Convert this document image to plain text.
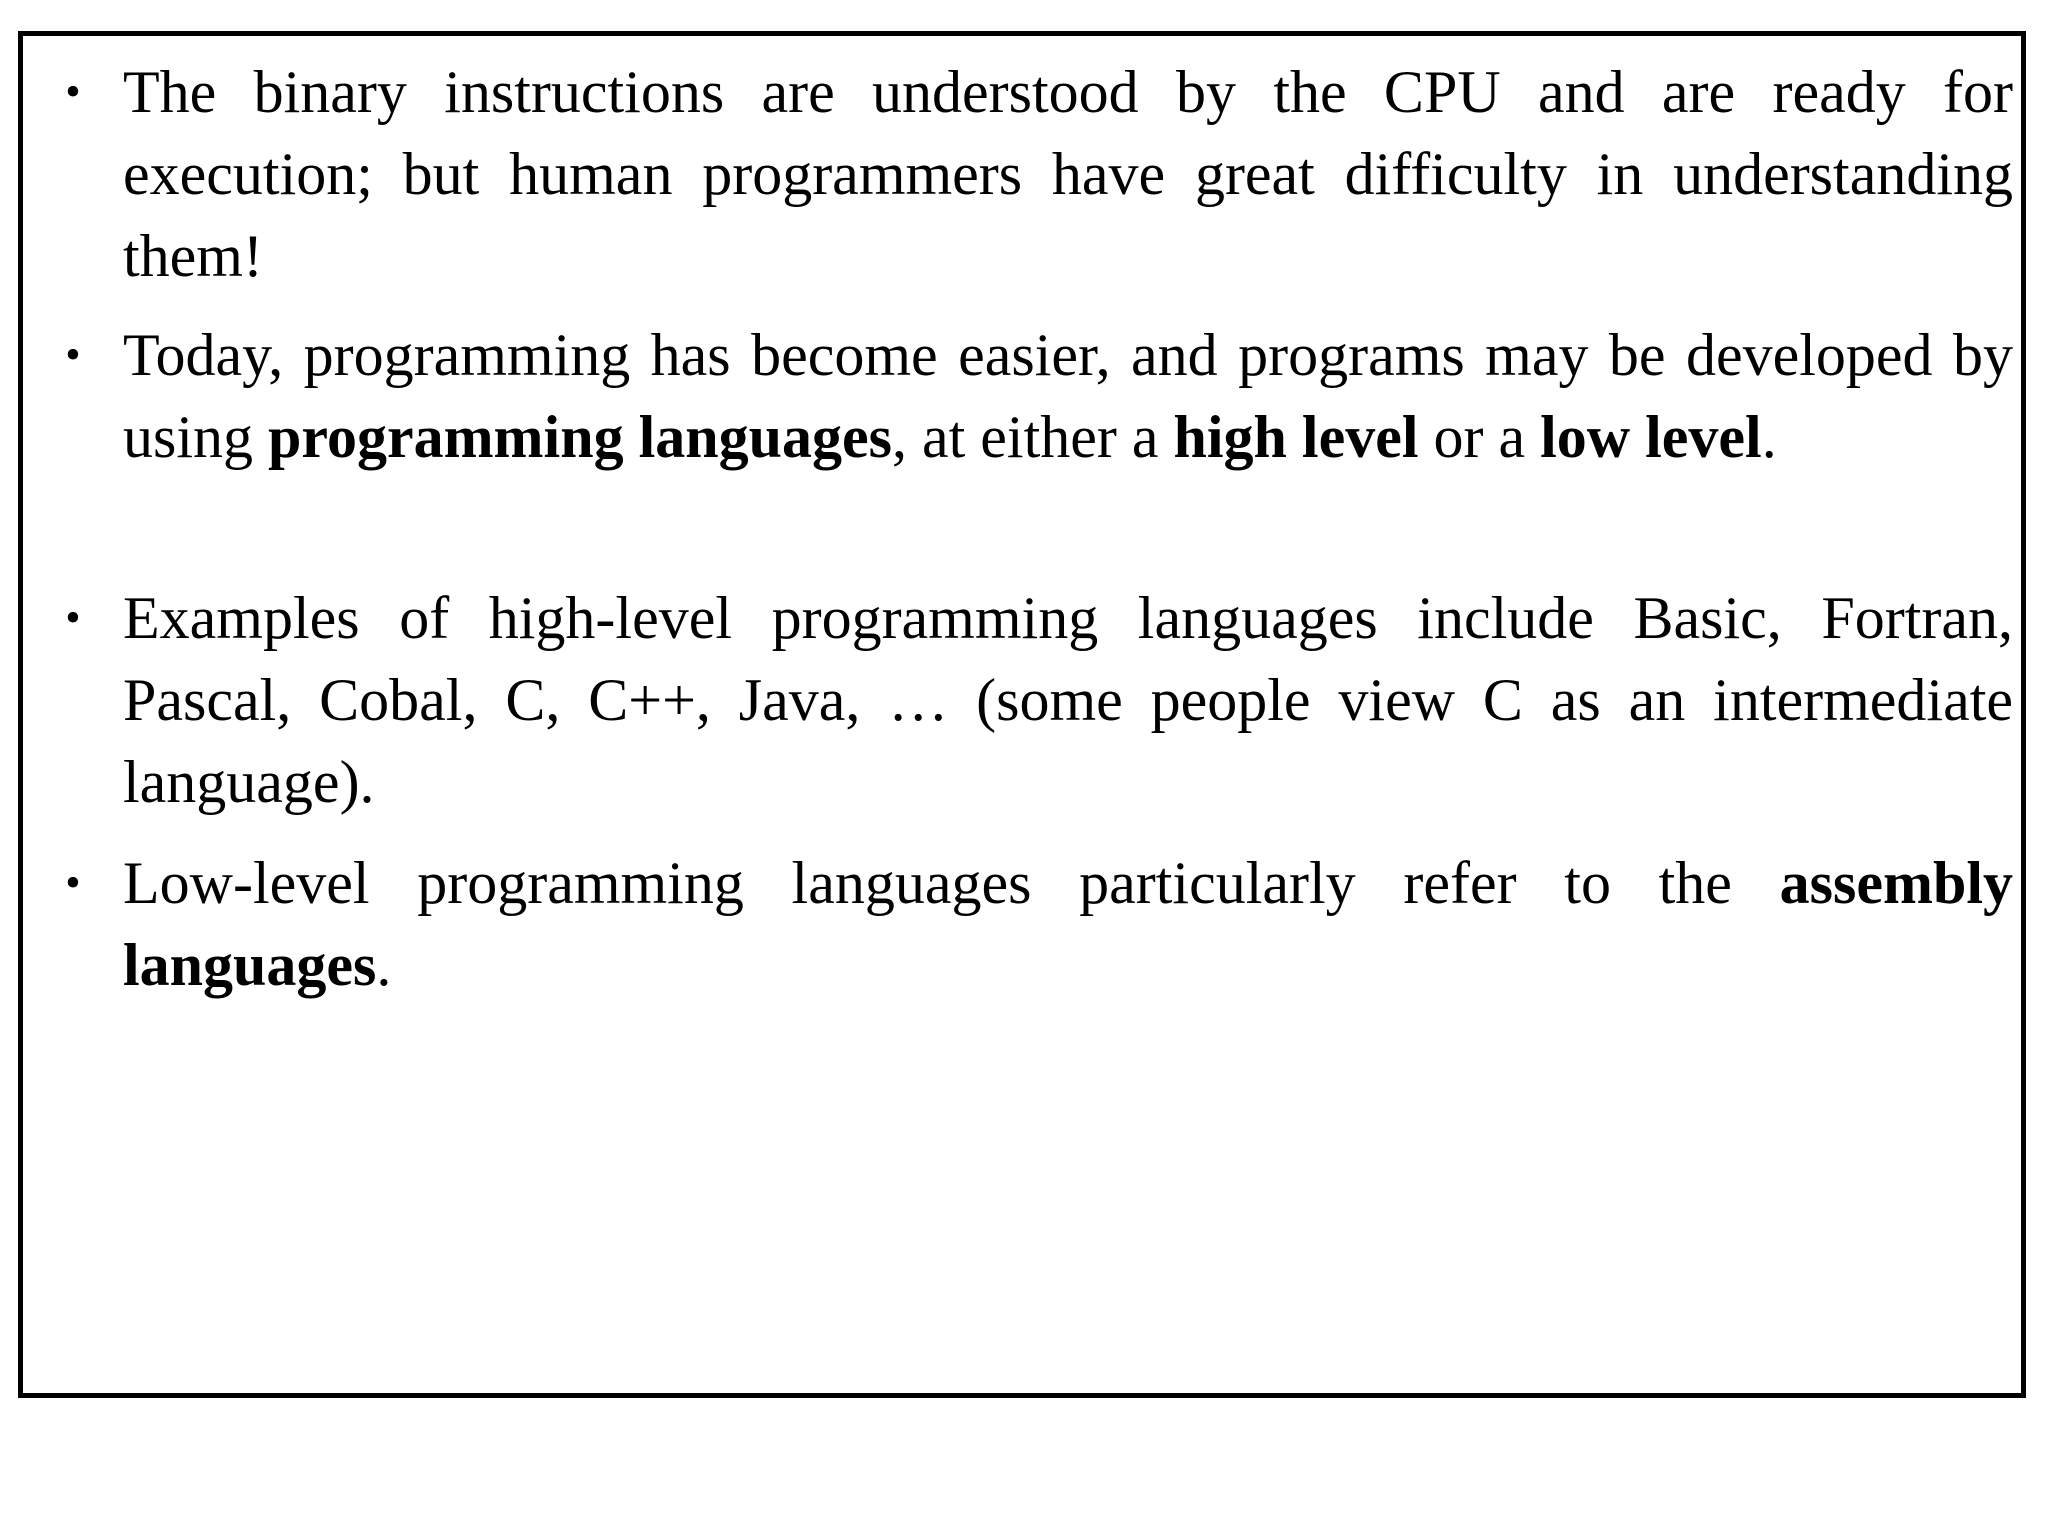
• The binary instructions are understood by the CPU and are ready for execution; but human programmers have great difficulty in understanding them!

• Today, programming has become easier, and programs may be developed by using programming languages, at either a high level or a low level.

• Examples of high-level programming languages include Basic, Fortran, Pascal, Cobal, C, C++, Java, … (some people view C as an intermediate language).

• Low-level programming languages particularly refer to the assembly languages.
